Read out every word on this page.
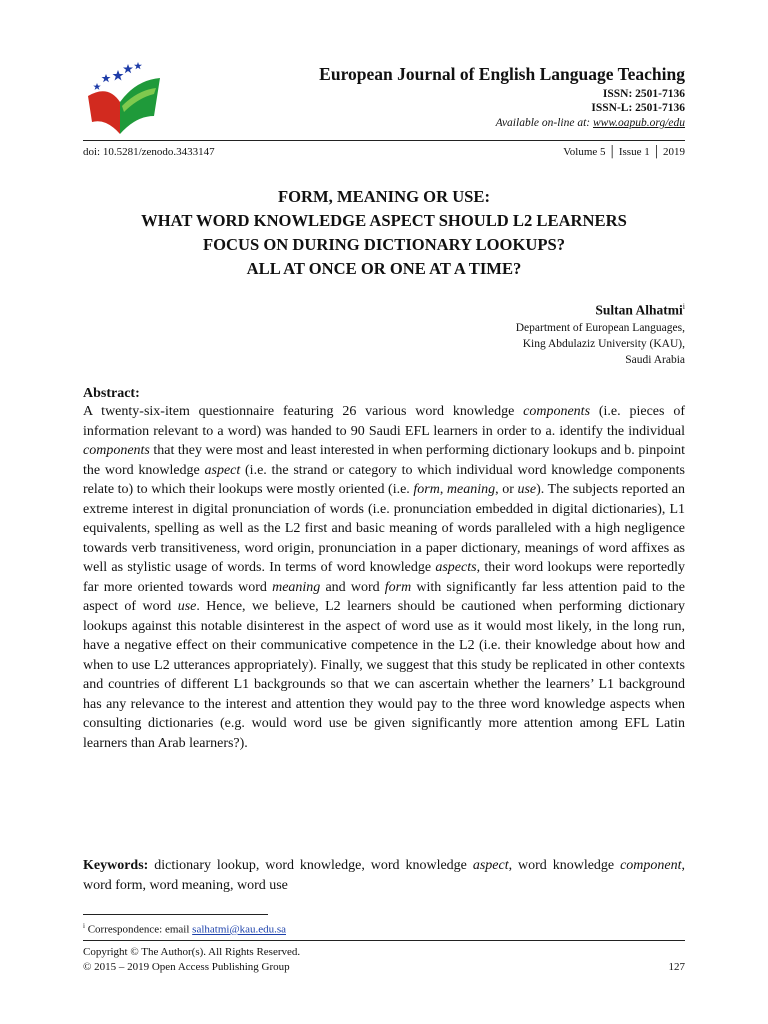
European Journal of English Language Teaching
ISSN: 2501-7136
ISSN-L: 2501-7136
Available on-line at: www.oapub.org/edu
doi: 10.5281/zenodo.3433147	Volume 5 │ Issue 1 │ 2019
FORM, MEANING OR USE:
WHAT WORD KNOWLEDGE ASPECT SHOULD L2 LEARNERS
FOCUS ON DURING DICTIONARY LOOKUPS?
ALL AT ONCE OR ONE AT A TIME?
Sultan Alhatmi$^i$
Department of European Languages,
King Abdulaziz University (KAU),
Saudi Arabia
Abstract:
A twenty-six-item questionnaire featuring 26 various word knowledge components (i.e. pieces of information relevant to a word) was handed to 90 Saudi EFL learners in order to a. identify the individual components that they were most and least interested in when performing dictionary lookups and b. pinpoint the word knowledge aspect (i.e. the strand or category to which individual word knowledge components relate to) to which their lookups were mostly oriented (i.e. form, meaning, or use). The subjects reported an extreme interest in digital pronunciation of words (i.e. pronunciation embedded in digital dictionaries), L1 equivalents, spelling as well as the L2 first and basic meaning of words paralleled with a high negligence towards verb transitiveness, word origin, pronunciation in a paper dictionary, meanings of word affixes as well as stylistic usage of words. In terms of word knowledge aspects, their word lookups were reportedly far more oriented towards word meaning and word form with significantly far less attention paid to the aspect of word use. Hence, we believe, L2 learners should be cautioned when performing dictionary lookups against this notable disinterest in the aspect of word use as it would most likely, in the long run, have a negative effect on their communicative competence in the L2 (i.e. their knowledge about how and when to use L2 utterances appropriately). Finally, we suggest that this study be replicated in other contexts and countries of different L1 backgrounds so that we can ascertain whether the learners’ L1 background has any relevance to the interest and attention they would pay to the three word knowledge aspects when consulting dictionaries (e.g. would word use be given significantly more attention among EFL Latin learners than Arab learners?).
Keywords: dictionary lookup, word knowledge, word knowledge aspect, word knowledge component, word form, word meaning, word use
$^i$ Correspondence: email salhatmi@kau.edu.sa
Copyright © The Author(s). All Rights Reserved.
© 2015 – 2019 Open Access Publishing Group	127
